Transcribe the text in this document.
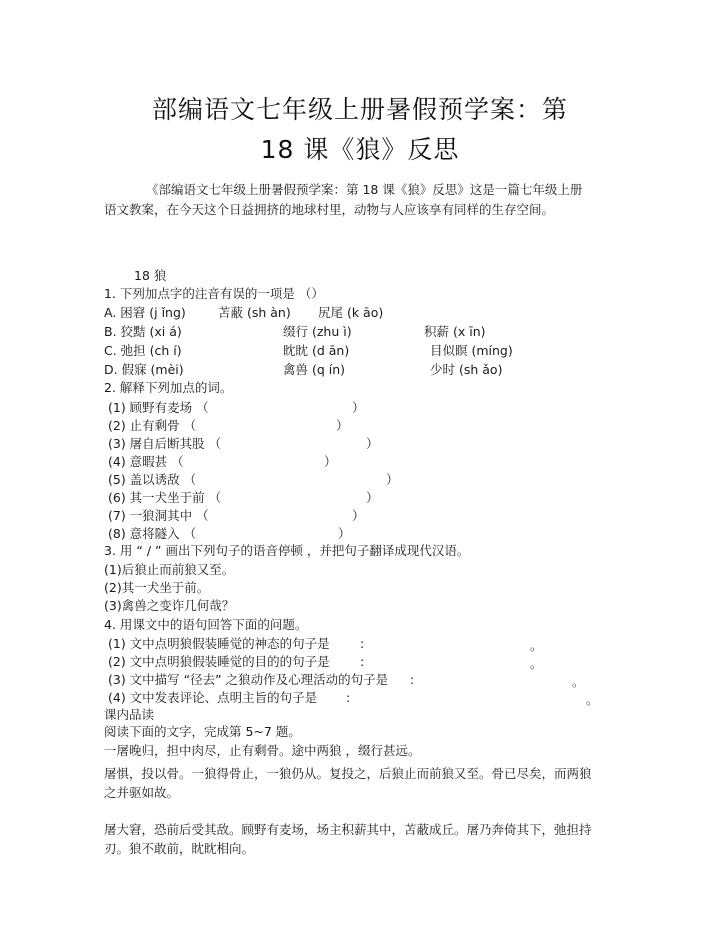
部编语文七年级上册暑假预学案：第
18 课《狼》反思
《部编语文七年级上册暑假预学案：第 18 课《狼》反思》这是一篇七年级上册
语文教案，在今天这个日益拥挤的地球村里，动物与人应该享有同样的生存空间。
18 狼
1. 下列加点字的注音有误的一项是 （）
A. 困窘 (j ǐng)	苫蔽 (sh àn) 尻尾 (k āo)
B. 狡黠 (xi á)	缀行 (zhu ì)	积薪 (x īn)
C. 弛担 (ch í)	眈眈 (d ān)	目似瞑 (míng)
D. 假寐 (mèi)	禽兽 (q ín)	少时 (sh ǎo)
2. 解释下列加点的词。
(1) 顾野有麦场 （	）
(2) 止有剩骨 （	）
(3) 屠自后断其股 （	）
(4) 意暇甚 （	）
(5) 盖以诱敌 （	）
(6) 其一犬坐于前 （	）
(7) 一狼洞其中 （	）
(8) 意将隧入 （	）
3. 用 “ / ” 画出下列句子的语音停顿 ，并把句子翻译成现代汉语。
(1)后狼止而前狼又至。
(2)其一犬坐于前。
(3)禽兽之变诈几何哉？
4. 用课文中的语句回答下面的问题。
(1) 文中点明狼假装睡觉的神态的句子是 :	。
(2) 文中点明狼假装睡觉的目的的句子是 :	。
(3) 文中描写 “径去” 之狼动作及心理活动的句子是 :	。
(4) 文中发表评论、点明主旨的句子是 :	。
课内品读
阅读下面的文字，完成第 5~7 题。
一屠晚归，担中肉尽，止有剩骨。途中两狼 ，缀行甚远。
屠惧，投以骨。一狼得骨止，一狼仍从。复投之，后狼止而前狼又至。骨已尽矣，而两狼
之并驱如故。
屠大窘，恐前后受其敌。顾野有麦场，场主积薪其中，苫蔽成丘。屠乃奔倚其下，弛担持
刃。狼不敢前，眈眈相向。
